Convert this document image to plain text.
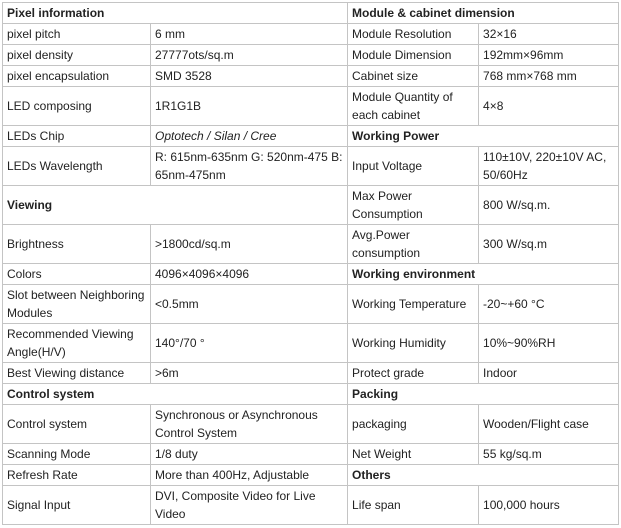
Pixel information		Module & cabinet dimension	
pixel pitch	6 mm	Module Resolution	32×16
pixel density	27777ots/sq.m	Module Dimension	192mm×96mm
pixel encapsulation	SMD 3528	Cabinet size	768 mm×768 mm
LED composing	1R1G1B	Module Quantity of each cabinet	4×8
LEDs Chip	Optotech / Silan / Cree	Working Power	
LEDs Wavelength	R: 615nm-635nm G: 520nm-475 B: 65nm-475nm	Input Voltage	110±10V, 220±10V AC, 50/60Hz
Viewing		Max Power Consumption	800 W/sq.m.
Brightness	>1800cd/sq.m	Avg.Power consumption	300 W/sq.m
Colors	4096×4096×4096	Working environment	
Slot between Neighboring Modules	<0.5mm	Working Temperature	-20~+60 °C
Recommended Viewing Angle(H/V)	140°/70 °	Working Humidity	10%~90%RH
Best Viewing distance	>6m	Protect grade	Indoor
Control system		Packing	
Control system	Synchronous or Asynchronous Control System	packaging	Wooden/Flight case
Scanning Mode	1/8 duty	Net Weight	55 kg/sq.m
Refresh Rate	More than 400Hz, Adjustable	Others	
Signal Input	DVI, Composite Video for Live Video	Life span	100,000 hours
